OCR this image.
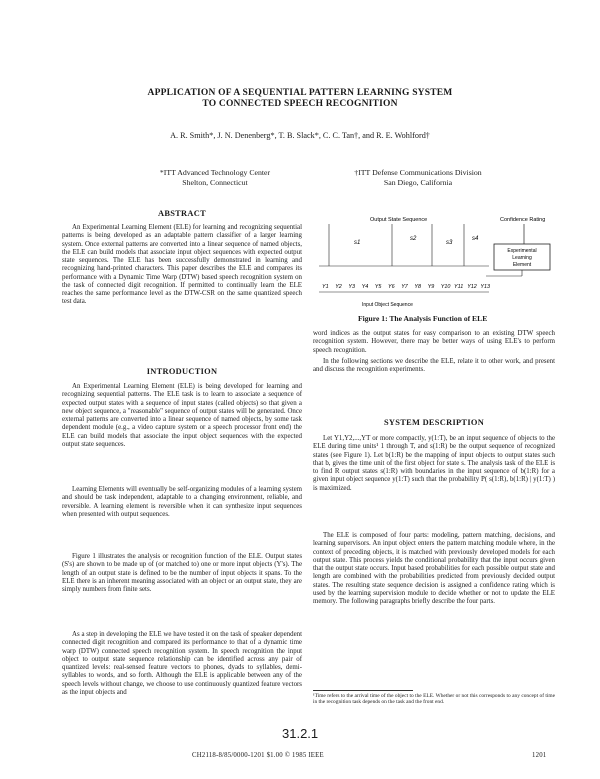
APPLICATION OF A SEQUENTIAL PATTERN LEARNING SYSTEM
TO CONNECTED SPEECH RECOGNITION
A. R. Smith*, J. N. Denenberg*, T. B. Slack*, C. C. Tan†, and R. E. Wohlford†
*ITT Advanced Technology Center
Shelton, Connecticut
†ITT Defense Communications Division
San Diego, California
ABSTRACT

An Experimental Learning Element (ELE) for learning and recognizing sequential patterns is being developed as an adaptable pattern classifier of a larger learning system. Once external patterns are converted into a linear sequence of named objects, the ELE can build models that associate input object sequences with expected output state sequences. The ELE has been successfully demonstrated in learning and recognizing hand-printed characters. This paper describes the ELE and compares its performance with a Dynamic Time Warp (DTW) based speech recognition system on the task of connected digit recognition. If permitted to continually learn the ELE reaches the same performance level as the DTW-CSR on the same quantized speech test data.

INTRODUCTION

An Experimental Learning Element (ELE) is being developed for learning and recognizing sequential patterns. The ELE task is to learn to associate a sequence of expected output states with a sequence of input states (called objects) so that given a new object sequence, a "reasonable" sequence of output states will be generated. Once external patterns are converted into a linear sequence of named objects, by some task dependent module (e.g., a video capture system or a speech processor front end) the ELE can build models that associate the input object sequences with the expected output state sequences.

Learning Elements will eventually be self-organizing modules of a learning system and should be task independent, adaptable to a changing environment, reliable, and reversible. A learning element is reversible when it can synthesize input sequences when presented with output sequences.

Figure 1 illustrates the analysis or recognition function of the ELE. Output states (S's) are shown to be made up of (or matched to) one or more input objects (Y's). The length of an output state is defined to be the number of input objects it spans. To the ELE there is an inherent meaning associated with an object or an output state, they are simply numbers from finite sets.

As a step in developing the ELE we have tested it on the task of speaker dependent connected digit recognition and compared its performance to that of a dynamic time warp (DTW) connected speech recognition system. In speech recognition the input object to output state sequence relationship can be identified across any pair of quantized levels: real-sensed feature vectors to phones, dyads to syllables, demi-syllables to words, and so forth. Although the ELE is applicable between any of the speech levels without change, we choose to use continuously quantized feature vectors as the input objects and

Output State Sequence	Confidence Rating
s1
s2
s3
s4
Experimental
Learning
Element
Y1 Y2 Y3 Y4 Y5 Y6 Y7 Y8 Y9 Y10 Y11 Y12 Y13
Input Object Sequence
Figure 1: The Analysis Function of ELE

word indices as the output states for easy comparison to an existing DTW speech recognition system. However, there may be better ways of using ELE's to perform speech recognition.

In the following sections we describe the ELE, relate it to other work, and present and discuss the recognition experiments.

SYSTEM DESCRIPTION

Let Y1,Y2,...,YT or more compactly, y(1:T), be an input sequence of objects to the ELE during time units¹ 1 through T, and s(1:R) be the output sequence of recognized states (see Figure 1). Let b(1:R) be the mapping of input objects to output states such that b, gives the time unit of the first object for state s. The analysis task of the ELE is to find R output states s(1:R) with boundaries in the input sequence of b(1:R) for a given input object sequence y(1:T) such that the probability P( s(1:R), b(1:R) | y(1:T) ) is maximized.

The ELE is composed of four parts: modeling, pattern matching, decisions, and learning supervisors. An input object enters the pattern matching module where, in the context of preceding objects, it is matched with previously developed models for each output state. This process yields the conditional probability that the input occurs given that the output state occurs. Input based probabilities for each possible output state and length are combined with the probabilities predicted from previously decided output states. The resulting state sequence decision is assigned a confidence rating which is used by the learning supervision module to decide whether or not to update the ELE memory. The following paragraphs briefly describe the four parts.

¹Time refers to the arrival time of the object to the ELE. Whether or not this corresponds to any concept of time in the recognition task depends on the task and the front end.
31.2.1
CH2118-8/85/0000-1201 $1.00 © 1985 IEEE	1201
